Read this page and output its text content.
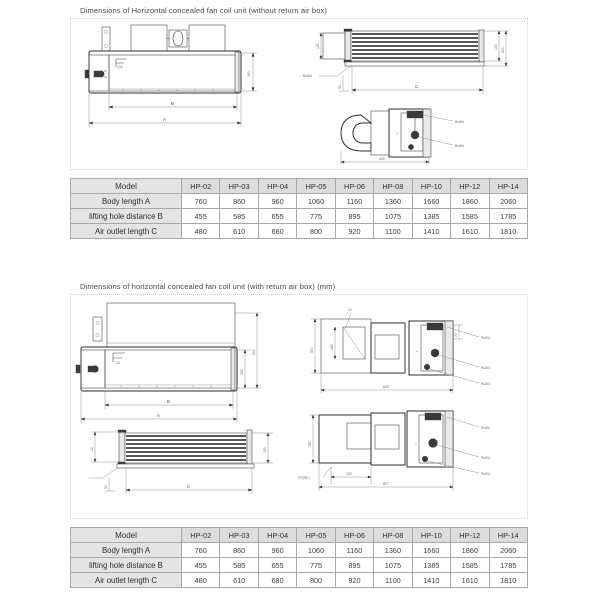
Dimensions of Horizontal concealed fan coil unit (without return air box)
12
150
B
A
120	130
200
Rc3/4
30	C
+
Rc3/4
Rc3/4
420
Model	HP-02	HP-03	HP-04	HP-05	HP-06	HP-08	HP-10	HP-12	HP-14
Body length A	760	860	960	1060	1160	1360	1660	1860	2060
lifting hole distance B	455	585	655	775	895	1075	1385	1585	1785
Air outlet length C	480	610	680	800	920	1100	1410	1610	1810
Dimensions of horizontal concealed fan coil unit (with return air box) (mm)
12
300
150
B
A
12	130
30	C
+
12
300
180
70
Rc3/4
Rc3/4
Rc3/4
600
+
250
下回风口
100
517
Rc3/4
Rc3/4
Rc3/4
Model	HP-02	HP-03	HP-04	HP-05	HP-06	HP-08	HP-10	HP-12	HP-14
Body length A	760	860	960	1060	1160	1360	1660	1860	2060
lifting hole distance B	455	585	655	775	895	1075	1385	1585	1785
Air outlet length C	480	610	680	800	920	1100	1410	1610	1810
